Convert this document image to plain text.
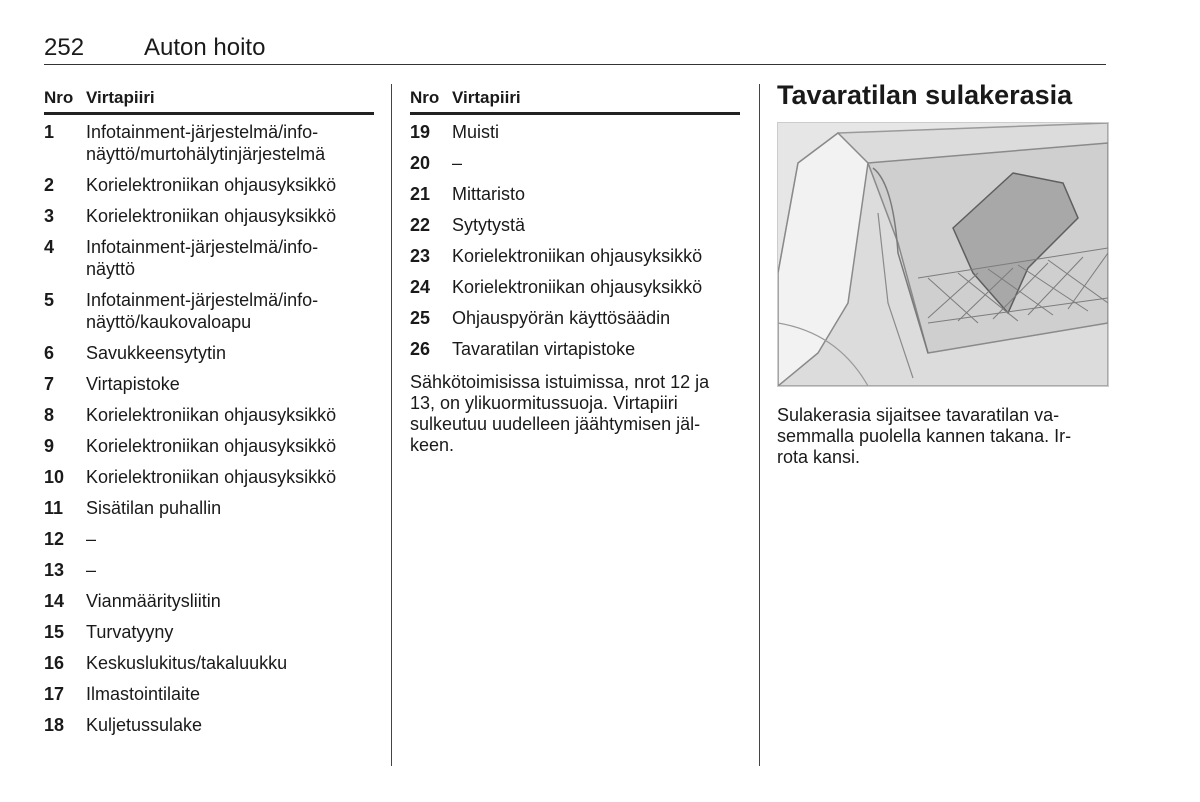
252 Auton hoito
Nro Virtapiiri
1 Infotainment-järjestelmä/info-
näyttö/murtohälytinjärjestelmä
2 Korielektroniikan ohjausyksikkö
3 Korielektroniikan ohjausyksikkö
4 Infotainment-järjestelmä/info-
näyttö
5 Infotainment-järjestelmä/info-
näyttö/kaukovaloapu
6 Savukkeensytytin
7 Virtapistoke
8 Korielektroniikan ohjausyksikkö
9 Korielektroniikan ohjausyksikkö
10 Korielektroniikan ohjausyksikkö
11 Sisätilan puhallin
12 –
13 –
14 Vianmääritysliitin
15 Turvatyyny
16 Keskuslukitus/takaluukku
17 Ilmastointilaite
18 Kuljetussulake
Nro Virtapiiri
19 Muisti
20 –
21 Mittaristo
22 Sytytystä
23 Korielektroniikan ohjausyksikkö
24 Korielektroniikan ohjausyksikkö
25 Ohjauspyörän käyttösäädin
26 Tavaratilan virtapistoke
Sähkötoimisissa istuimissa, nrot 12 ja
13, on ylikuormitussuoja. Virtapiiri
sulkeutuu uudelleen jäähtymisen jäl-
keen.
Tavaratilan sulakerasia
Sulakerasia sijaitsee tavaratilan va-
semmalla puolella kannen takana. Ir-
rota kansi.
